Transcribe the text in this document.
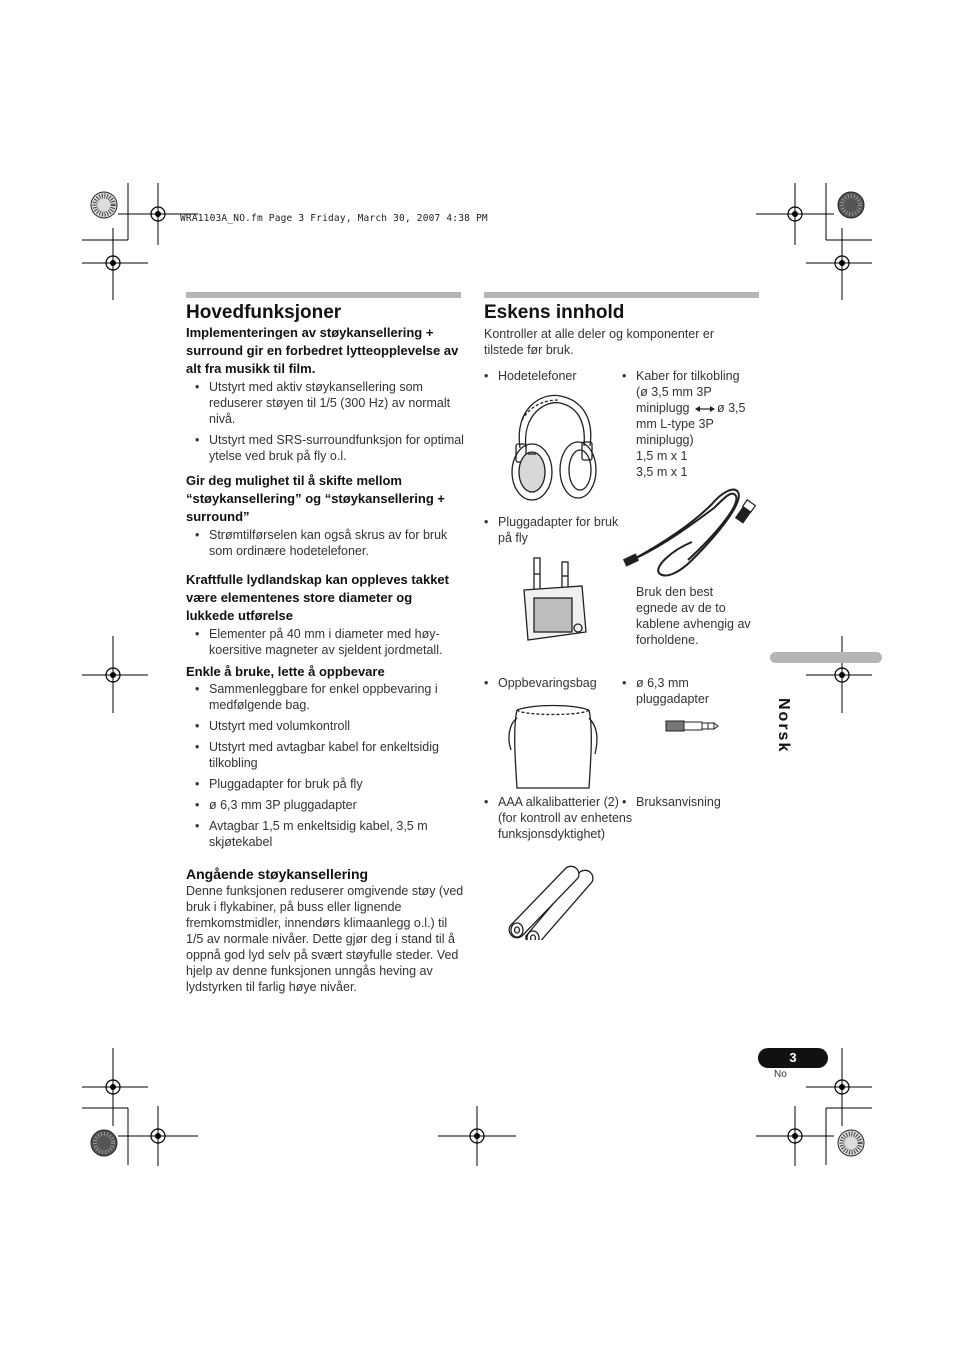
WRA1103A_NO.fm Page 3 Friday, March 30, 2007 4:38 PM
Hovedfunksjoner
Implementeringen av støykansellering + surround gir en forbedret lytteopplevelse av alt fra musikk til film.
• Utstyrt med aktiv støykansellering som reduserer støyen til 1/5 (300 Hz) av normalt nivå.
• Utstyrt med SRS-surroundfunksjon for optimal ytelse ved bruk på fly o.l.
Gir deg mulighet til å skifte mellom “støykansellering” og “støykansellering + surround”
• Strømtilførselen kan også skrus av for bruk som ordinære hodetelefoner.
Kraftfulle lydlandskap kan oppleves takket være elementenes store diameter og lukkede utførelse
• Elementer på 40 mm i diameter med høy-koersitive magneter av sjeldent jordmetall.
Enkle å bruke, lette å oppbevare
• Sammenleggbare for enkel oppbevaring i medfølgende bag.
• Utstyrt med volumkontroll
• Utstyrt med avtagbar kabel for enkeltsidig tilkobling
• Pluggadapter for bruk på fly
• ø 6,3 mm 3P pluggadapter
• Avtagbar 1,5 m enkeltsidig kabel, 3,5 m skjøtekabel
Angående støykansellering
Denne funksjonen reduserer omgivende støy (ved bruk i flykabiner, på buss eller lignende fremkomstmidler, innendørs klimaanlegg o.l.) til 1/5 av normale nivåer. Dette gjør deg i stand til å oppnå god lyd selv på svært støyfulle steder. Ved hjelp av denne funksjonen unngås heving av lydstyrken til farlig høye nivåer.
Eskens innhold
Kontroller at alle deler og komponenter er tilstede før bruk.
• Hodetelefoner	• Kaber for tilkobling
(ø 3,5 mm 3P
miniplugg ø 3,5
mm L-type 3P
miniplugg)
1,5 m x 1
3,5 m x 1
• Pluggadapter for bruk på fly
Bruk den best egnede av de to kablene avhengig av forholdene.
• Oppbevaringsbag	• ø 6,3 mm pluggadapter
• AAA alkalibatterier (2) (for kontroll av enhetens funksjonsdyktighet)
• Bruksanvisning
Norsk
3
No
